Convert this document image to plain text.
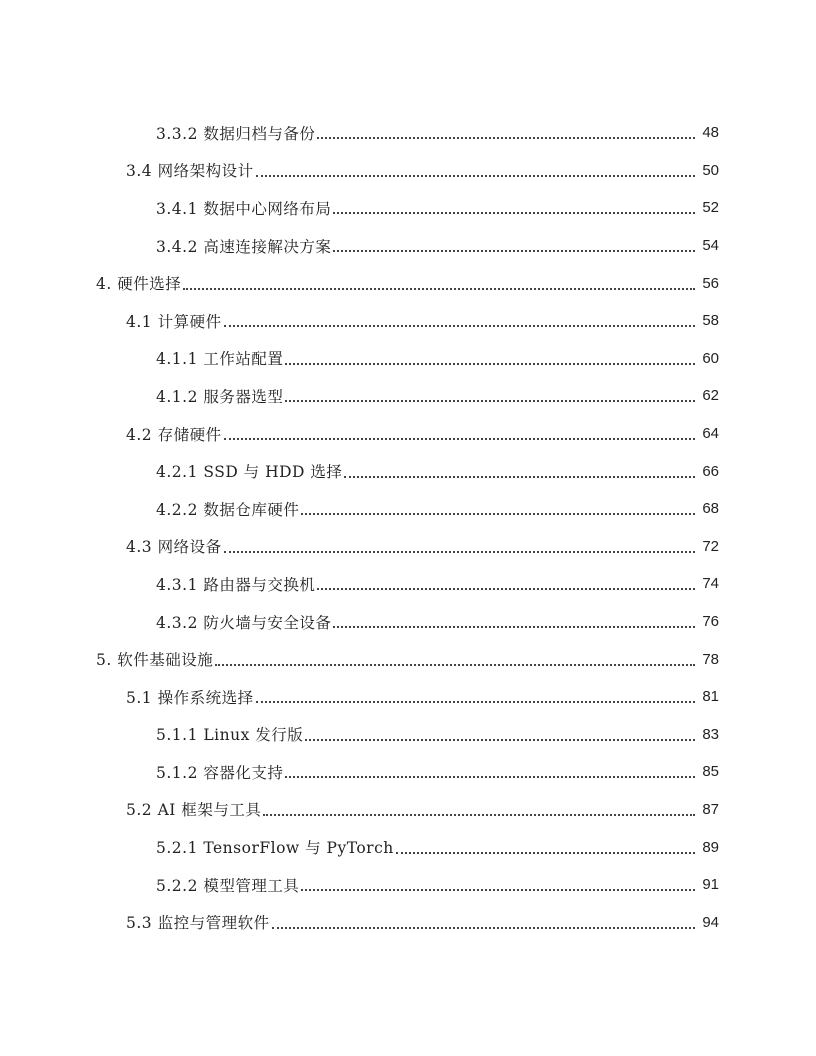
3.3.2 数据归档与备份	48
3.4 网络架构设计	50
3.4.1 数据中心网络布局	52
3.4.2 高速连接解决方案	54
4. 硬件选择	56
4.1 计算硬件	58
4.1.1 工作站配置	60
4.1.2 服务器选型	62
4.2 存储硬件	64
4.2.1 SSD 与 HDD 选择	66
4.2.2 数据仓库硬件	68
4.3 网络设备	72
4.3.1 路由器与交换机	74
4.3.2 防火墙与安全设备	76
5. 软件基础设施	78
5.1 操作系统选择	81
5.1.1 Linux 发行版	83
5.1.2 容器化支持	85
5.2 AI 框架与工具	87
5.2.1 TensorFlow 与 PyTorch	89
5.2.2 模型管理工具	91
5.3 监控与管理软件	94
